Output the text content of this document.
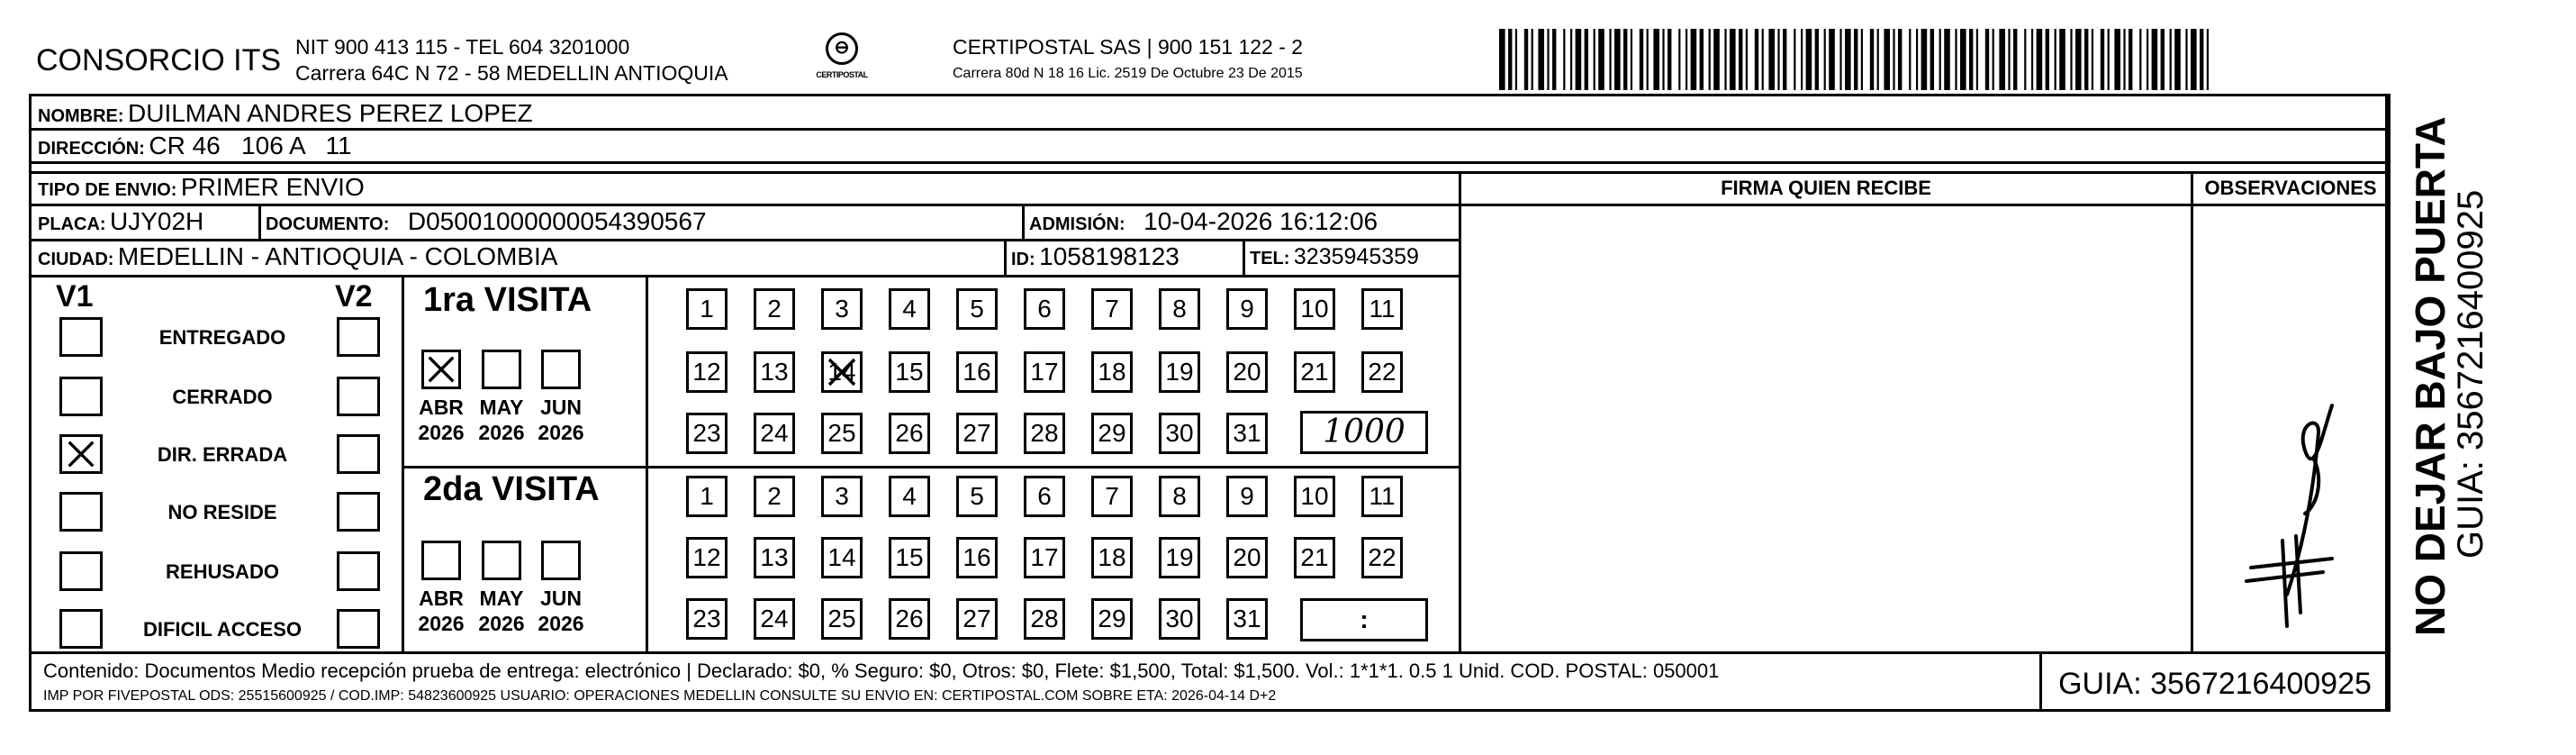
CONSORCIO ITS NIT 900 413 115 - TEL 604 3201000
Carrera 64C N 72 - 58 MEDELLIN ANTIOQUIA
⊖
CERTIPOSTAL
CERTIPOSTAL SAS | 900 151 122 - 2
Carrera 80d N 18 16 Lic. 2519 De Octubre 23 De 2015
NOMBRE: DUILMAN ANDRES PEREZ LOPEZ
DIRECCIÓN: CR 46   106 A   11
TIPO DE ENVIO: PRIMER ENVIO
PLACA: UJY02H	DOCUMENTO: D05001000000054390567	ADMISIÓN: 10-04-2026 16:12:06
CIUDAD: MEDELLIN - ANTIOQUIA - COLOMBIA	ID: 1058198123	TEL: 3235945359
FIRMA QUIEN RECIBE	OBSERVACIONES
V1	V2
ENTREGADO
CERRADO
DIR. ERRADA
NO RESIDE
REHUSADO
DIFICIL ACCESO
1ra VISITA
2da VISITA
ABR
2026
MAY
2026
JUN
2026
ABR
2026
MAY
2026
JUN
2026
1	2	3	4	5	6	7	8	9	10	11
12 13 14 15 16 17 18 19 20 21 22
23 24 25 26 27 28 29 30 31
1	2	3	4	5	6	7	8	9	10	11
12 13 14 15 16 17 18 19 20 21 22
23 24 25 26 27 28 29 30 31
1000
:
Contenido: Documentos Medio recepción prueba de entrega: electrónico | Declarado: $0, % Seguro: $0, Otros: $0, Flete: $1,500, Total: $1,500. Vol.: 1*1*1. 0.5 1 Unid. COD. POSTAL: 050001
IMP POR FIVEPOSTAL ODS: 25515600925 / COD.IMP: 54823600925 USUARIO: OPERACIONES MEDELLIN CONSULTE SU ENVIO EN: CERTIPOSTAL.COM SOBRE ETA: 2026-04-14 D+2	GUIA: 3567216400925
NO DEJAR BAJO PUERTA
GUIA: 3567216400925
